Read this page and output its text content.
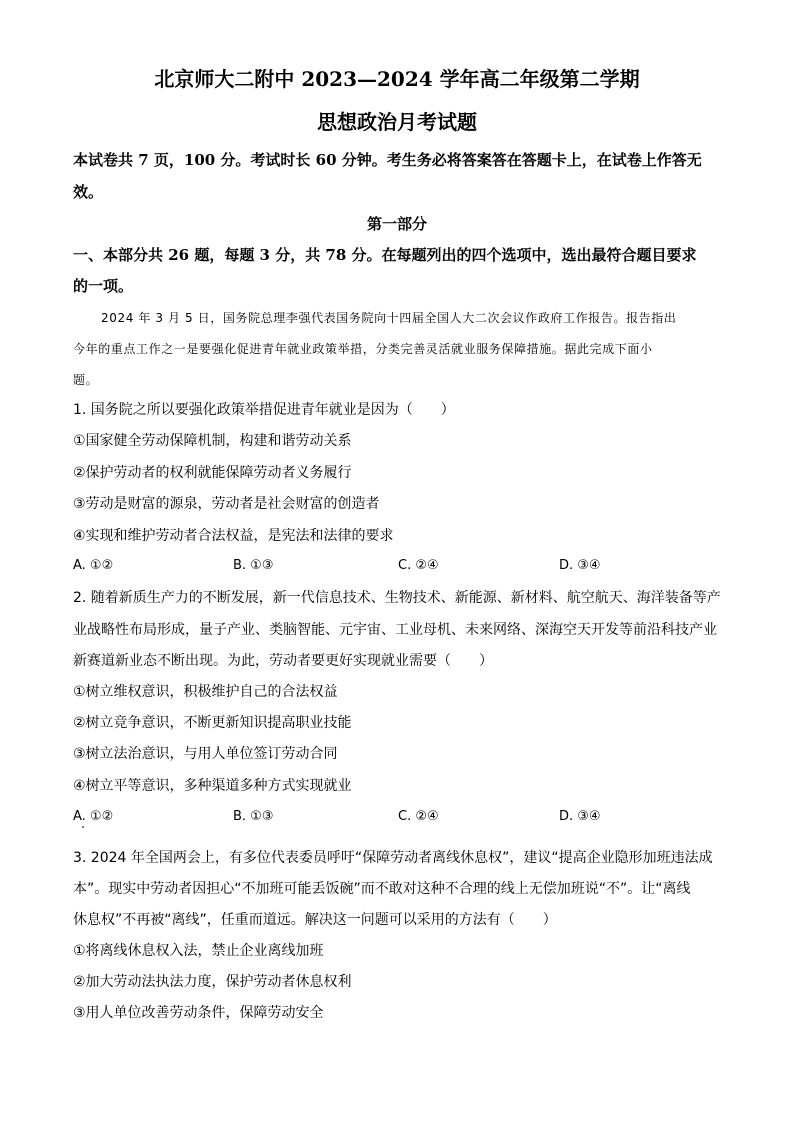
北京师大二附中 2023—2024 学年高二年级第二学期
思想政治月考试题
本试卷共 7 页，100 分。考试时长 60 分钟。考生务必将答案答在答题卡上，在试卷上作答无
效。
第一部分
一、本部分共 26 题，每题 3 分，共 78 分。在每题列出的四个选项中，选出最符合题目要求
的一项。
2024 年 3 月 5 日，国务院总理李强代表国务院向十四届全国人大二次会议作政府工作报告。报告指出
今年的重点工作之一是要强化促进青年就业政策举措，分类完善灵活就业服务保障措施。据此完成下面小
题。
1. 国务院之所以要强化政策举措促进青年就业是因为（　　）
①国家健全劳动保障机制，构建和谐劳动关系
②保护劳动者的权利就能保障劳动者义务履行
③劳动是财富的源泉，劳动者是社会财富的创造者
④实现和维护劳动者合法权益，是宪法和法律的要求
A. ①②	B. ①③	C. ②④	D. ③④
2. 随着新质生产力的不断发展，新一代信息技术、生物技术、新能源、新材料、航空航天、海洋装备等产
业战略性布局形成，量子产业、类脑智能、元宇宙、工业母机、未来网络、深海空天开发等前沿科技产业
新赛道新业态不断出现。为此，劳动者要更好实现就业需要（　　）
①树立维权意识，积极维护自己的合法权益
②树立竞争意识，不断更新知识提高职业技能
③树立法治意识，与用人单位签订劳动合同
④树立平等意识，多种渠道多种方式实现就业
A. ①②	B. ①③	C. ②④	D. ③④
3. 2024 年全国两会上，有多位代表委员呼吁“保障劳动者离线休息权”，建议“提高企业隐形加班违法成
本”。现实中劳动者因担心“不加班可能丢饭碗”而不敢对这种不合理的线上无偿加班说“不”。让“离线
休息权”不再被“离线”，任重而道远。解决这一问题可以采用的方法有（　　）
①将离线休息权入法，禁止企业离线加班
②加大劳动法执法力度，保护劳动者休息权利
③用人单位改善劳动条件，保障劳动安全
